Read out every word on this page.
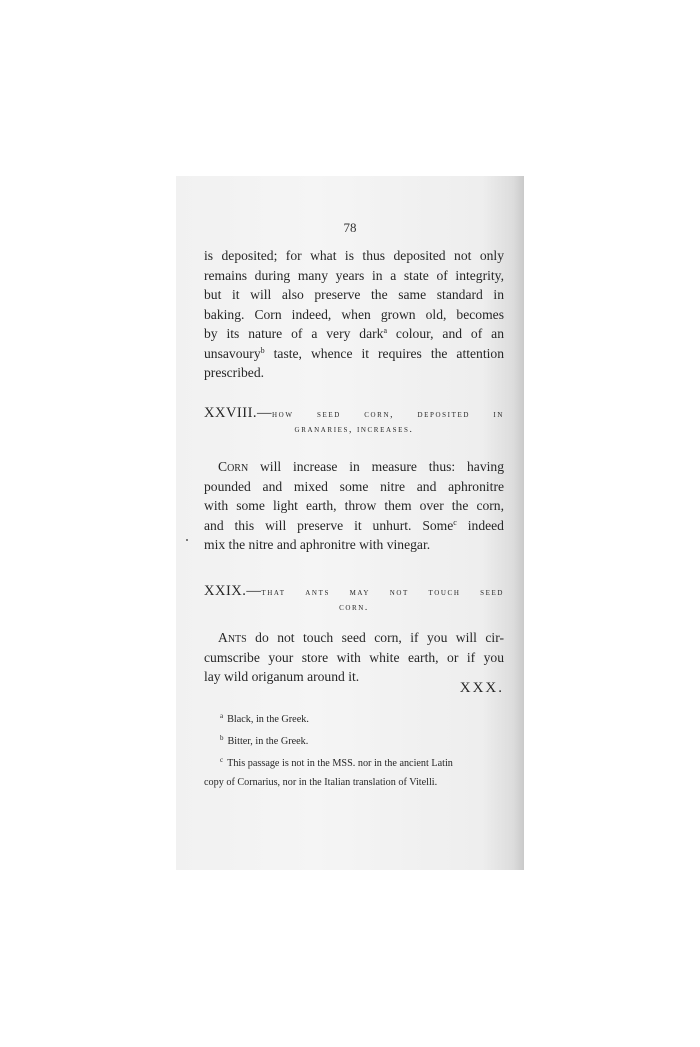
78
is deposited; for what is thus deposited not only
remains during many years in a state of integrity,
but it will also preserve the same standard in
baking. Corn indeed, when grown old, becomes
by its nature of a very dark$^a$ colour, and of an
unsavoury$^b$ taste, whence it requires the attention
prescribed.
XXVIII.—how seed corn, deposited in
granaries, increases.
Corn will increase in measure thus: having
pounded and mixed some nitre and aphronitre
with some light earth, throw them over the corn,
and this will preserve it unhurt. Some$^c$ indeed
mix the nitre and aphronitre with vinegar.
XXIX.—that ants may not touch seed
corn.
Ants do not touch seed corn, if you will cir-
cumscribe your store with white earth, or if you
lay wild origanum around it.
XXX.
$^a$ Black, in the Greek.
$^b$ Bitter, in the Greek.
$^c$ This passage is not in the MSS. nor in the ancient Latin
copy of Cornarius, nor in the Italian translation of Vitelli.
